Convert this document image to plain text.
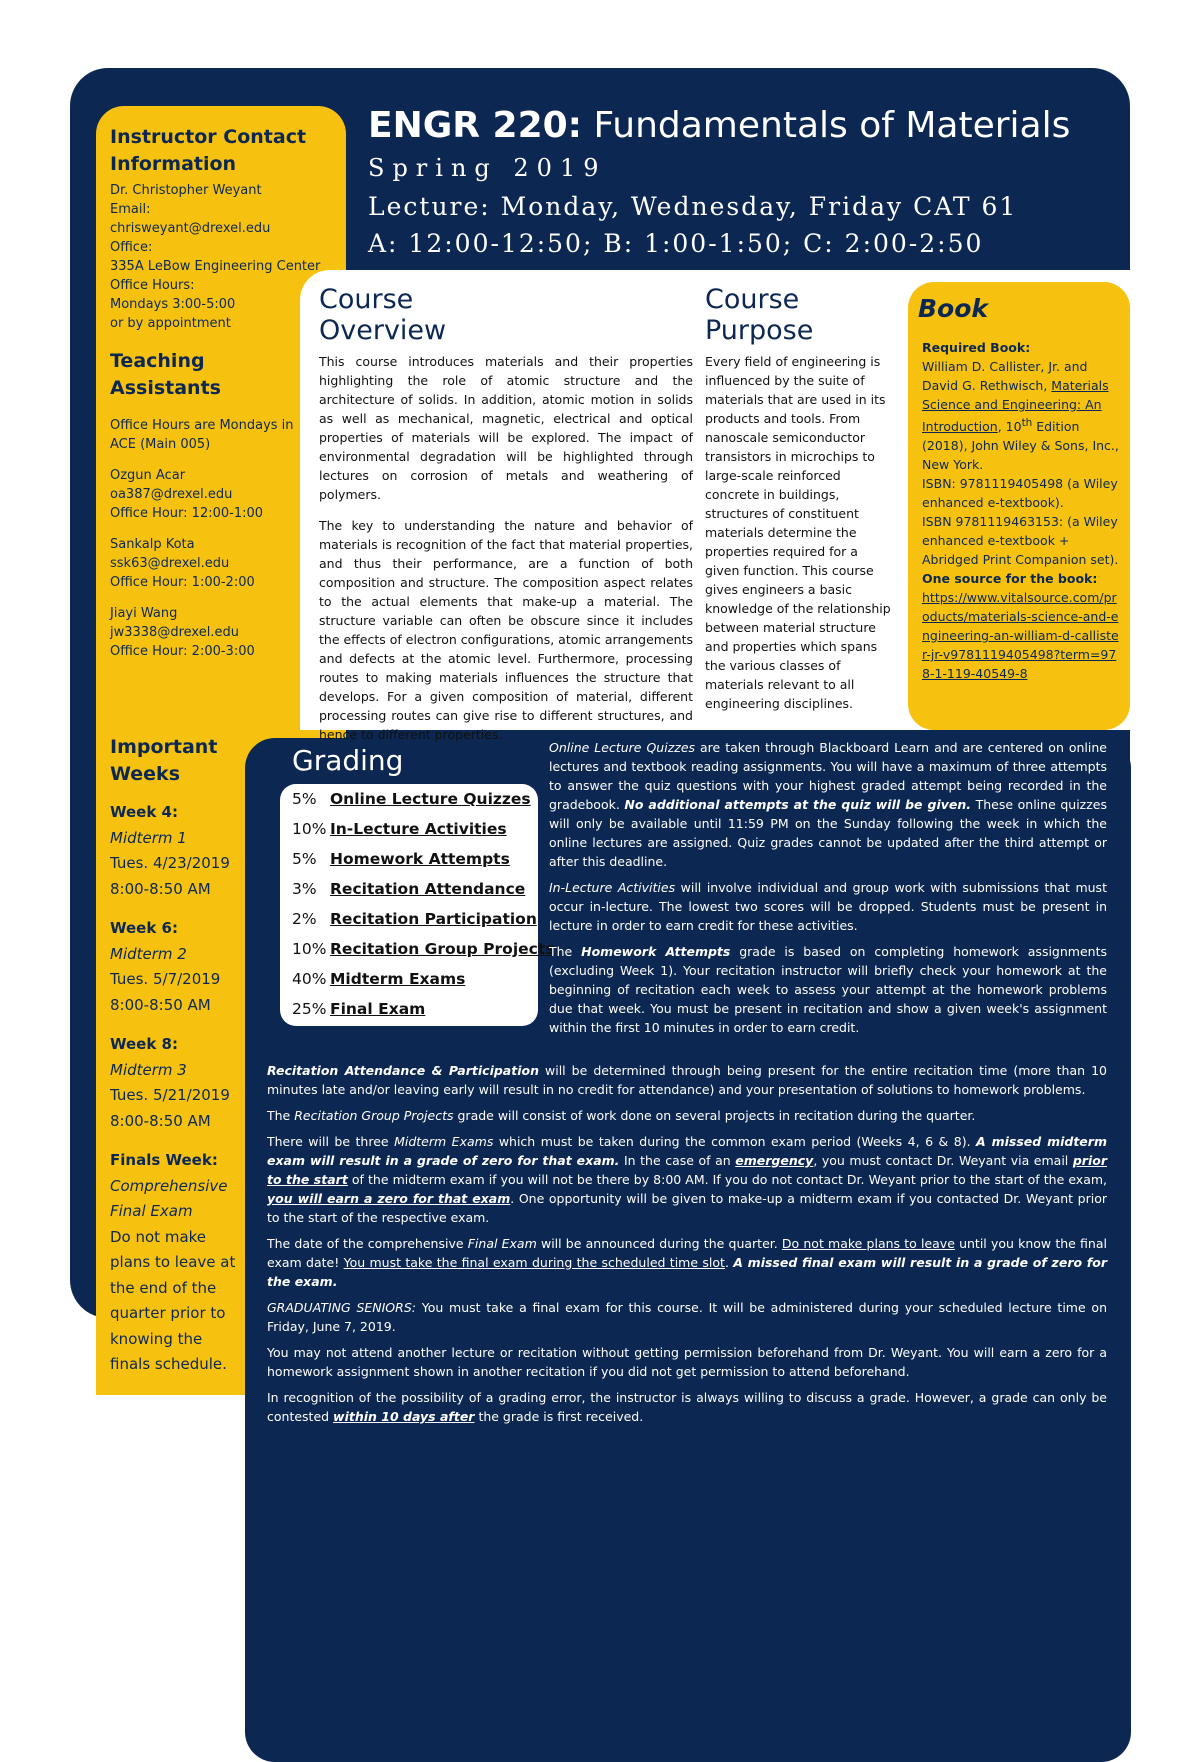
ENGR 220: Fundamentals of Materials
Spring 2019
Lecture: Monday, Wednesday, Friday CAT 61
A: 12:00-12:50; B: 1:00-1:50; C: 2:00-2:50
Instructor Contact Information

Dr. Christopher Weyant

Email:

chrisweyant@drexel.edu

Office:

335A LeBow Engineering Center

Office Hours:

Mondays 3:00-5:00

or by appointment

Teaching Assistants

Office Hours are Mondays in ACE (Main 005)

Ozgun Acar

oa387@drexel.edu

Office Hour: 12:00-1:00

Sankalp Kota

ssk63@drexel.edu

Office Hour: 1:00-2:00

Jiayi Wang

jw3338@drexel.edu

Office Hour: 2:00-3:00

Important Weeks

Week 4:

Midterm 1

Tues. 4/23/2019

8:00-8:50 AM

Week 6:

Midterm 2

Tues. 5/7/2019

8:00-8:50 AM

Week 8:

Midterm 3

Tues. 5/21/2019

8:00-8:50 AM

Finals Week:

Comprehensive Final Exam

Do not make plans to leave at the end of the quarter prior to knowing the finals schedule.

Course Overview

This course introduces materials and their properties highlighting the role of atomic structure and the architecture of solids. In addition, atomic motion in solids as well as mechanical, magnetic, electrical and optical properties of materials will be explored. The impact of environmental degradation will be highlighted through lectures on corrosion of metals and weathering of polymers.

The key to understanding the nature and behavior of materials is recognition of the fact that material properties, and thus their performance, are a function of both composition and structure. The composition aspect relates to the actual elements that make-up a material. The structure variable can often be obscure since it includes the effects of electron configurations, atomic arrangements and defects at the atomic level. Furthermore, processing routes to making materials influences the structure that develops. For a given composition of material, different processing routes can give rise to different structures, and hence to different properties.

Course Purpose
Every field of engineering is influenced by the suite of materials that are used in its products and tools. From nanoscale semiconductor transistors in microchips to large-scale reinforced concrete in buildings, structures of constituent materials determine the properties required for a given function. This course gives engineers a basic knowledge of the relationship between material structure and properties which spans the various classes of materials relevant to all engineering disciplines.
Book
Required Book:
William D. Callister, Jr. and David G. Rethwisch, Materials Science and Engineering: An Introduction, 10th Edition (2018), John Wiley & Sons, Inc., New York.
ISBN: 9781119405498 (a Wiley enhanced e-textbook).
ISBN 9781119463153: (a Wiley enhanced e-textbook + Abridged Print Companion set).
One source for the book:
https://www.vitalsource.com/products/materials-science-and-engineering-an-william-d-callister-jr-v9781119405498?term=978-1-119-40549-8
Grading
5% Online Lecture Quizzes
10% In-Lecture Activities
5% Homework Attempts
3% Recitation Attendance
2% Recitation Participation
10% Recitation Group Projects
40% Midterm Exams
25% Final Exam

Online Lecture Quizzes are taken through Blackboard Learn and are centered on online lectures and textbook reading assignments. You will have a maximum of three attempts to answer the quiz questions with your highest graded attempt being recorded in the gradebook. No additional attempts at the quiz will be given. These online quizzes will only be available until 11:59 PM on the Sunday following the week in which the online lectures are assigned. Quiz grades cannot be updated after the third attempt or after this deadline.

In-Lecture Activities will involve individual and group work with submissions that must occur in-lecture. The lowest two scores will be dropped. Students must be present in lecture in order to earn credit for these activities.

The Homework Attempts grade is based on completing homework assignments (excluding Week 1). Your recitation instructor will briefly check your homework at the beginning of recitation each week to assess your attempt at the homework problems due that week. You must be present in recitation and show a given week's assignment within the first 10 minutes in order to earn credit.

Recitation Attendance & Participation will be determined through being present for the entire recitation time (more than 10 minutes late and/or leaving early will result in no credit for attendance) and your presentation of solutions to homework problems.

The Recitation Group Projects grade will consist of work done on several projects in recitation during the quarter.

There will be three Midterm Exams which must be taken during the common exam period (Weeks 4, 6 & 8). A missed midterm exam will result in a grade of zero for that exam. In the case of an emergency, you must contact Dr. Weyant via email prior to the start of the midterm exam if you will not be there by 8:00 AM. If you do not contact Dr. Weyant prior to the start of the exam, you will earn a zero for that exam. One opportunity will be given to make-up a midterm exam if you contacted Dr. Weyant prior to the start of the respective exam.

The date of the comprehensive Final Exam will be announced during the quarter. Do not make plans to leave until you know the final exam date! You must take the final exam during the scheduled time slot. A missed final exam will result in a grade of zero for the exam.

GRADUATING SENIORS: You must take a final exam for this course. It will be administered during your scheduled lecture time on Friday, June 7, 2019.

You may not attend another lecture or recitation without getting permission beforehand from Dr. Weyant. You will earn a zero for a homework assignment shown in another recitation if you did not get permission to attend beforehand.

In recognition of the possibility of a grading error, the instructor is always willing to discuss a grade. However, a grade can only be contested within 10 days after the grade is first received.
